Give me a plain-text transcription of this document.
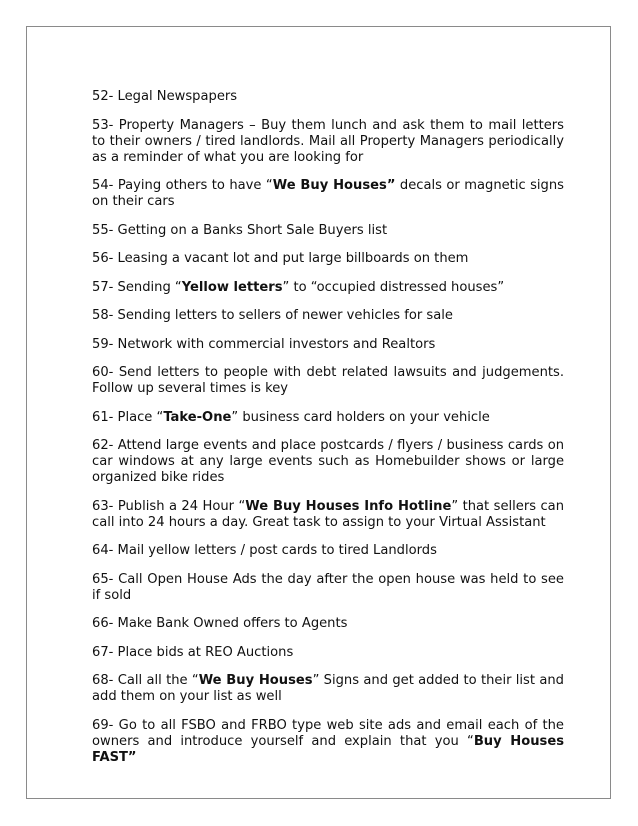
52- Legal Newspapers

53- Property Managers – Buy them lunch and ask them to mail letters to their owners / tired landlords. Mail all Property Managers periodically as a reminder of what you are looking for

54- Paying others to have “We Buy Houses” decals or magnetic signs on their cars

55- Getting on a Banks Short Sale Buyers list

56- Leasing a vacant lot and put large billboards on them

57- Sending “Yellow letters” to “occupied distressed houses”

58- Sending letters to sellers of newer vehicles for sale

59- Network with commercial investors and Realtors

60- Send letters to people with debt related lawsuits and judgements. Follow up several times is key

61- Place “Take-One” business card holders on your vehicle

62- Attend large events and place postcards / flyers / business cards on car windows at any large events such as Homebuilder shows or large organized bike rides

63- Publish a 24 Hour “We Buy Houses Info Hotline” that sellers can call into 24 hours a day. Great task to assign to your Virtual Assistant

64- Mail yellow letters / post cards to tired Landlords

65- Call Open House Ads the day after the open house was held to see if sold

66- Make Bank Owned offers to Agents

67- Place bids at REO Auctions

68- Call all the “We Buy Houses” Signs and get added to their list and add them on your list as well

69- Go to all FSBO and FRBO type web site ads and email each of the owners and introduce yourself and explain that you “Buy Houses FAST”
